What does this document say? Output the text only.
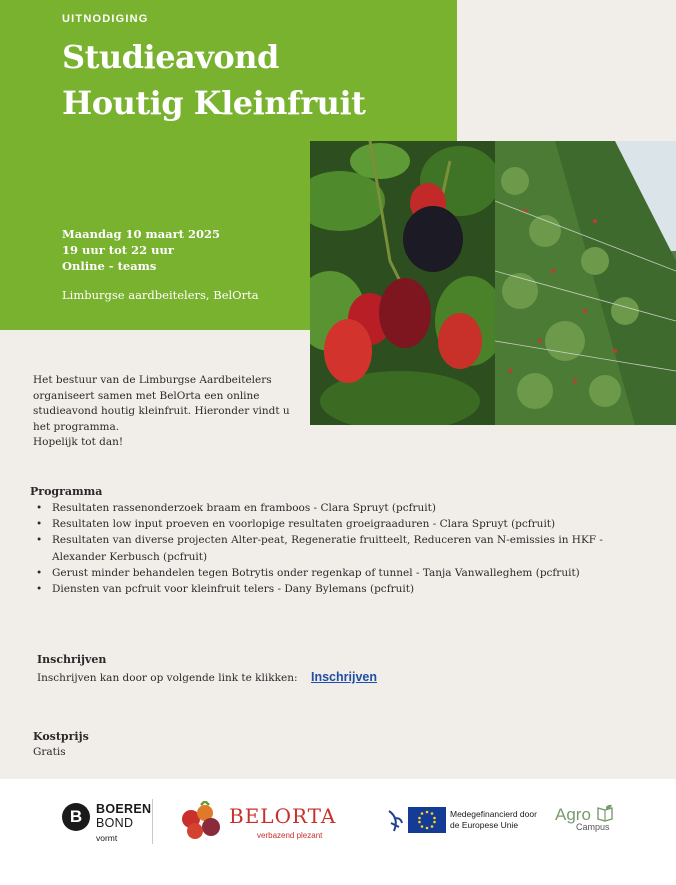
UITNODIGING
Studieavond
Houtig Kleinfruit
Maandag 10 maart 2025
19 uur tot 22 uur
Online - teams
Limburgse aardbeitelers, BelOrta
Het bestuur van de Limburgse Aardbeitelers organiseert samen met BelOrta een online studieavond houtig kleinfruit. Hieronder vindt u het programma.
Hopelijk tot dan!
Programma
• Resultaten rassenonderzoek braam en framboos - Clara Spruyt (pcfruit)
• Resultaten low input proeven en voorlopige resultaten groeigraaduren - Clara Spruyt (pcfruit)
• Resultaten van diverse projecten Alter-peat, Regeneratie fruitteelt, Reduceren van N-emissies in HKF - Alexander Kerbusch (pcfruit)
• Gerust minder behandelen tegen Botrytis onder regenkap of tunnel - Tanja Vanwalleghem (pcfruit)
• Diensten van pcfruit voor kleinfruit telers - Dany Bylemans (pcfruit)
Inschrijven
Inschrijven kan door op volgende link te klikken: Inschrijven
Kostprijs
Gratis
B	BOEREN
BOND
vormt
BELORTA
verbazend plezant
Medegefinancierd door
de Europese Unie
Agro
Campus
